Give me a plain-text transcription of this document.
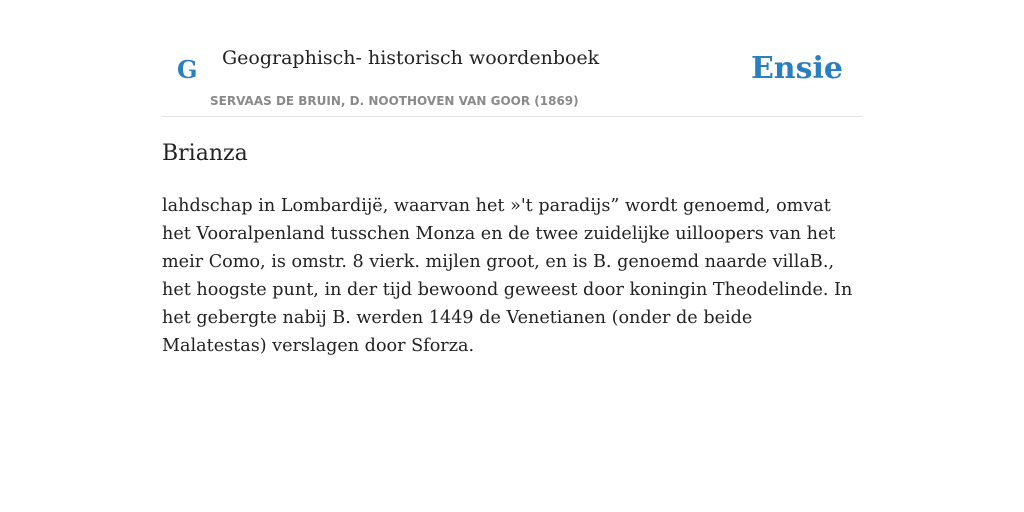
G Geographisch- historisch woordenboek
SERVAAS DE BRUIN, D. NOOTHOVEN VAN GOOR (1869)
Ensie
Brianza

lahdschap in Lombardijë, waarvan het »'t paradijs” wordt genoemd, omvat het Vooralpenland tusschen Monza en de twee zuidelijke uilloopers van het meir Como, is omstr. 8 vierk. mijlen groot, en is B. genoemd naarde villaB., het hoogste punt, in der tijd bewoond geweest door koningin Theodelinde. In het gebergte nabij B. werden 1449 de Venetianen (onder de beide Malatestas) verslagen door Sforza.
